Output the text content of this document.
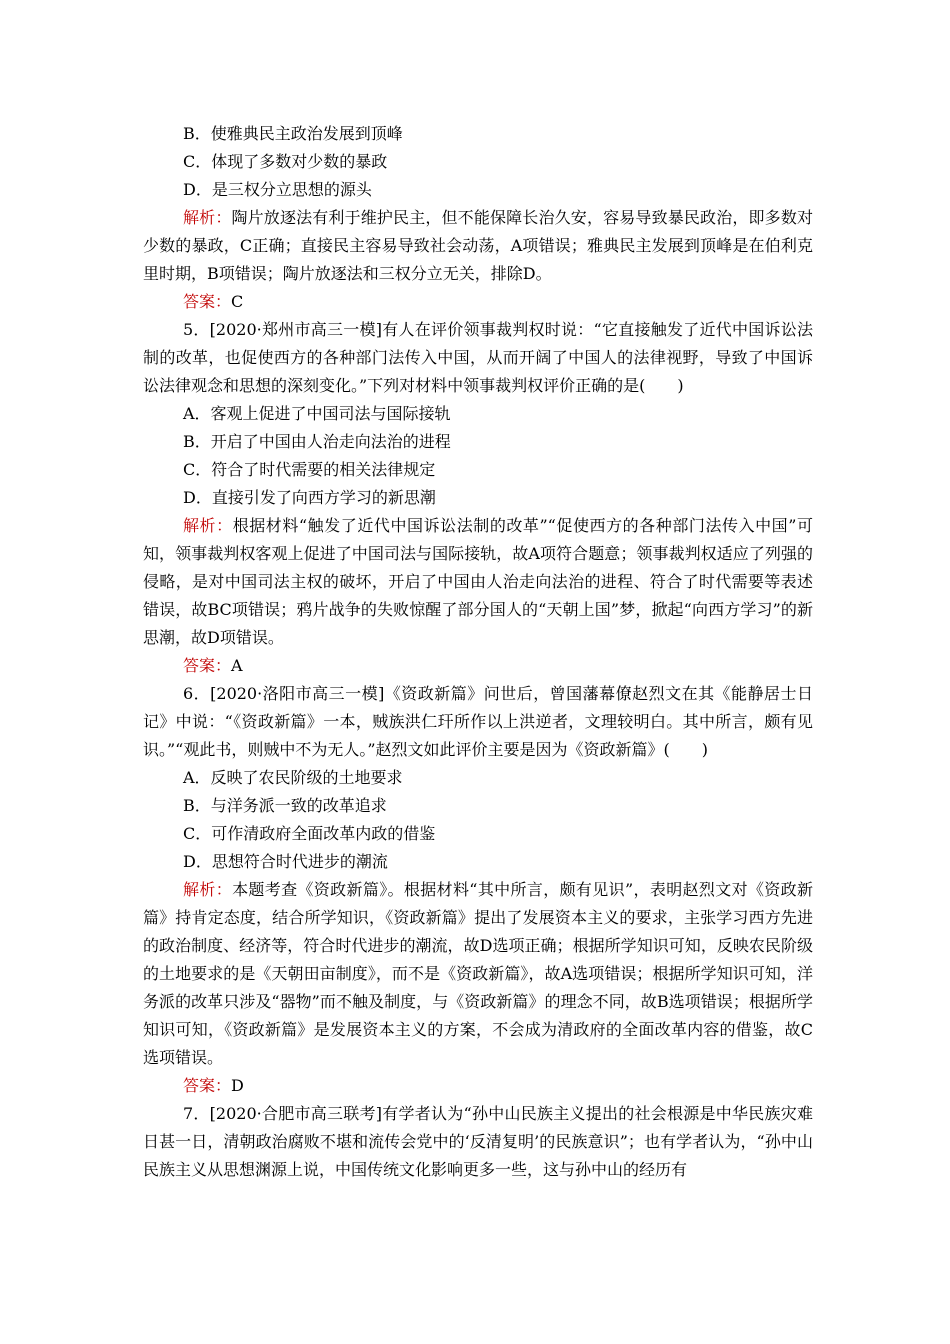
B．使雅典民主政治发展到顶峰
C．体现了多数对少数的暴政
D．是三权分立思想的源头

解析：陶片放逐法有利于维护民主，但不能保障长治久安，容易导致暴民政治，即多数对少数的暴政，C正确；直接民主容易导致社会动荡，A项错误；雅典民主发展到顶峰是在伯利克里时期，B项错误；陶片放逐法和三权分立无关，排除D。

答案：C

5．[2020·郑州市高三一模]有人在评价领事裁判权时说：“它直接触发了近代中国诉讼法制的改革，也促使西方的各种部门法传入中国，从而开阔了中国人的法律视野，导致了中国诉讼法律观念和思想的深刻变化。”下列对材料中领事裁判权评价正确的是(　　)

A．客观上促进了中国司法与国际接轨
B．开启了中国由人治走向法治的进程
C．符合了时代需要的相关法律规定
D．直接引发了向西方学习的新思潮

解析：根据材料“触发了近代中国诉讼法制的改革”“促使西方的各种部门法传入中国”可知，领事裁判权客观上促进了中国司法与国际接轨，故A项符合题意；领事裁判权适应了列强的侵略，是对中国司法主权的破坏，开启了中国由人治走向法治的进程、符合了时代需要等表述错误，故BC项错误；鸦片战争的失败惊醒了部分国人的“天朝上国”梦，掀起“向西方学习”的新思潮，故D项错误。

答案：A

6．[2020·洛阳市高三一模]《资政新篇》问世后，曾国藩幕僚赵烈文在其《能静居士日记》中说：“《资政新篇》一本，贼族洪仁玕所作以上洪逆者，文理较明白。其中所言，颇有见识。”“观此书，则贼中不为无人。”赵烈文如此评价主要是因为《资政新篇》(　　)

A．反映了农民阶级的土地要求
B．与洋务派一致的改革追求
C．可作清政府全面改革内政的借鉴
D．思想符合时代进步的潮流

解析：本题考查《资政新篇》。根据材料“其中所言，颇有见识”，表明赵烈文对《资政新篇》持肯定态度，结合所学知识，《资政新篇》提出了发展资本主义的要求，主张学习西方先进的政治制度、经济等，符合时代进步的潮流，故D选项正确；根据所学知识可知，反映农民阶级的土地要求的是《天朝田亩制度》，而不是《资政新篇》，故A选项错误；根据所学知识可知，洋务派的改革只涉及“器物”而不触及制度，与《资政新篇》的理念不同，故B选项错误；根据所学知识可知，《资政新篇》是发展资本主义的方案，不会成为清政府的全面改革内容的借鉴，故C选项错误。

答案：D

7．[2020·合肥市高三联考]有学者认为“孙中山民族主义提出的社会根源是中华民族灾难日甚一日，清朝政治腐败不堪和流传会党中的‘反清复明’的民族意识”；也有学者认为，“孙中山民族主义从思想渊源上说，中国传统文化影响更多一些，这与孙中山的经历有
